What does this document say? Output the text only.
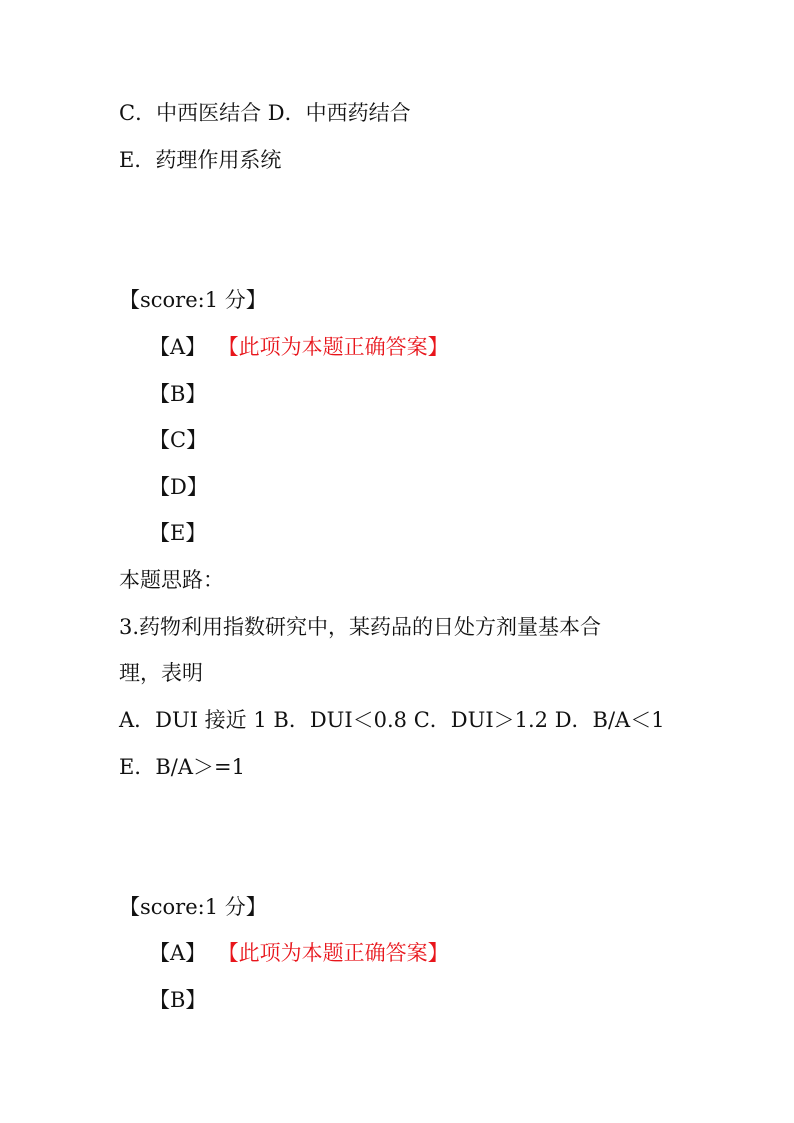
C．中西医结合 D．中西药结合
E．药理作用系统
【score:1 分】
【A】 【此项为本题正确答案】
【B】
【C】
【D】
【E】
本题思路：
3.药物利用指数研究中，某药品的日处方剂量基本合
理，表明
A．DUI 接近 1 B．DUI＜0.8 C．DUI＞1.2 D．B/A＜1
E．B/A＞=1
【score:1 分】
【A】 【此项为本题正确答案】
【B】
